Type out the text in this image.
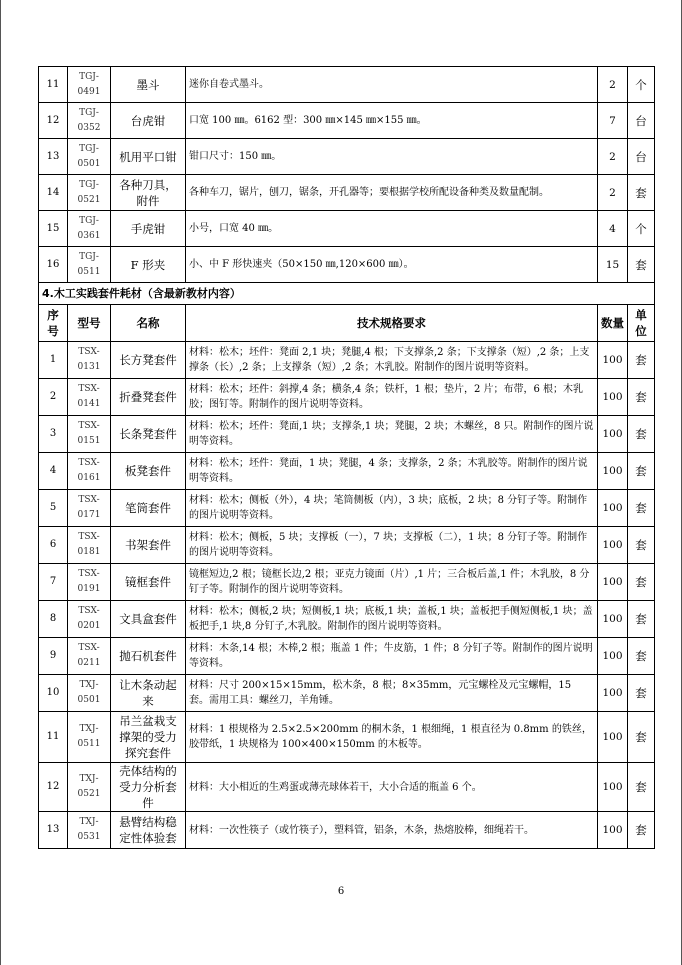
11	TGJ-0491	墨斗	迷你自卷式墨斗。	2	个
12	TGJ-0352	台虎钳	口宽 100 ㎜。6162 型：300 ㎜×145 ㎜×155 ㎜。	7	台
13	TGJ-0501	机用平口钳	钳口尺寸：150 ㎜。	2	台
14	TGJ-0521	各种刀具，附件	各种车刀，锯片，刨刀，锯条，开孔器等；要根据学校所配设备种类及数量配制。	2	套
15	TGJ-0361	手虎钳	小号，口宽 40 ㎜。	4	个
16	TGJ-0511	F 形夹	小、中 F 形快速夹（50×150 ㎜,120×600 ㎜）。	15	套
4.木工实践套件耗材（含最新教材内容）					
序号	型号	名称	技术规格要求	数量	单位
1	TSX-0131	长方凳套件	材料：松木；坯件：凳面 2,1 块；凳腿,4 根；下支撑条,2 条；下支撑条（短）,2 条；上支撑条（长）,2 条；上支撑条（短）,2 条；木乳胶。附制作的图片说明等资料。	100	套
2	TSX-0141	折叠凳套件	材料：松木；坯件：斜撑,4 条；横条,4 条；铁杆，1 根；垫片，2 片；布带，6 根；木乳胶；图钉等。附制作的图片说明等资料。	100	套
3	TSX-0151	长条凳套件	材料：松木；坯件：凳面,1 块；支撑条,1 块；凳腿，2 块；木螺丝，8 只。附制作的图片说明等资料。	100	套
4	TSX-0161	板凳套件	材料：松木；坯件：凳面，1 块；凳腿，4 条；支撑条，2 条；木乳胶等。附制作的图片说明等资料。	100	套
5	TSX-0171	笔筒套件	材料：松木；侧板（外），4 块；笔筒侧板（内），3 块；底板，2 块；8 分钉子等。附制作的图片说明等资料。	100	套
6	TSX-0181	书架套件	材料：松木；侧板，5 块；支撑板（一），7 块；支撑板（二），1 块；8 分钉子等。附制作的图片说明等资料。	100	套
7	TSX-0191	镜框套件	镜框短边,2 根；镜框长边,2 根；亚克力镜面（片）,1 片；三合板后盖,1 件；木乳胶，8 分钉子等。附制作的图片说明等资料。	100	套
8	TSX-0201	文具盒套件	材料：松木；侧板,2 块；短侧板,1 块；底板,1 块；盖板,1 块；盖板把手侧短侧板,1 块；盖板把手,1 块,8 分钉子,木乳胶。附制作的图片说明等资料。	100	套
9	TSX-0211	抛石机套件	材料：木条,14 根；木棒,2 根；瓶盖 1 件；牛皮筋，1 件；8 分钉子等。附制作的图片说明等资料。	100	套
10	TXJ-0501	让木条动起来	材料：尺寸 200×15×15mm，松木条，8 根；8×35mm，元宝螺栓及元宝螺帽，15 套。需用工具：螺丝刀，羊角锤。	100	套
11	TXJ-0511	吊兰盆栽支撑架的受力探究套件	材料：1 根规格为 2.5×2.5×200mm 的桐木条，1 根细绳，1 根直径为 0.8mm 的铁丝，胶带纸，1 块规格为 100×400×150mm 的木板等。	100	套
12	TXJ-0521	壳体结构的受力分析套件	材料：大小相近的生鸡蛋或薄壳球体若干，大小合适的瓶盖 6 个。	100	套
13	TXJ-0531	悬臂结构稳定性体验套	材料：一次性筷子（或竹筷子），塑料管，铝条，木条，热熔胶棒，细绳若干。	100	套
6
